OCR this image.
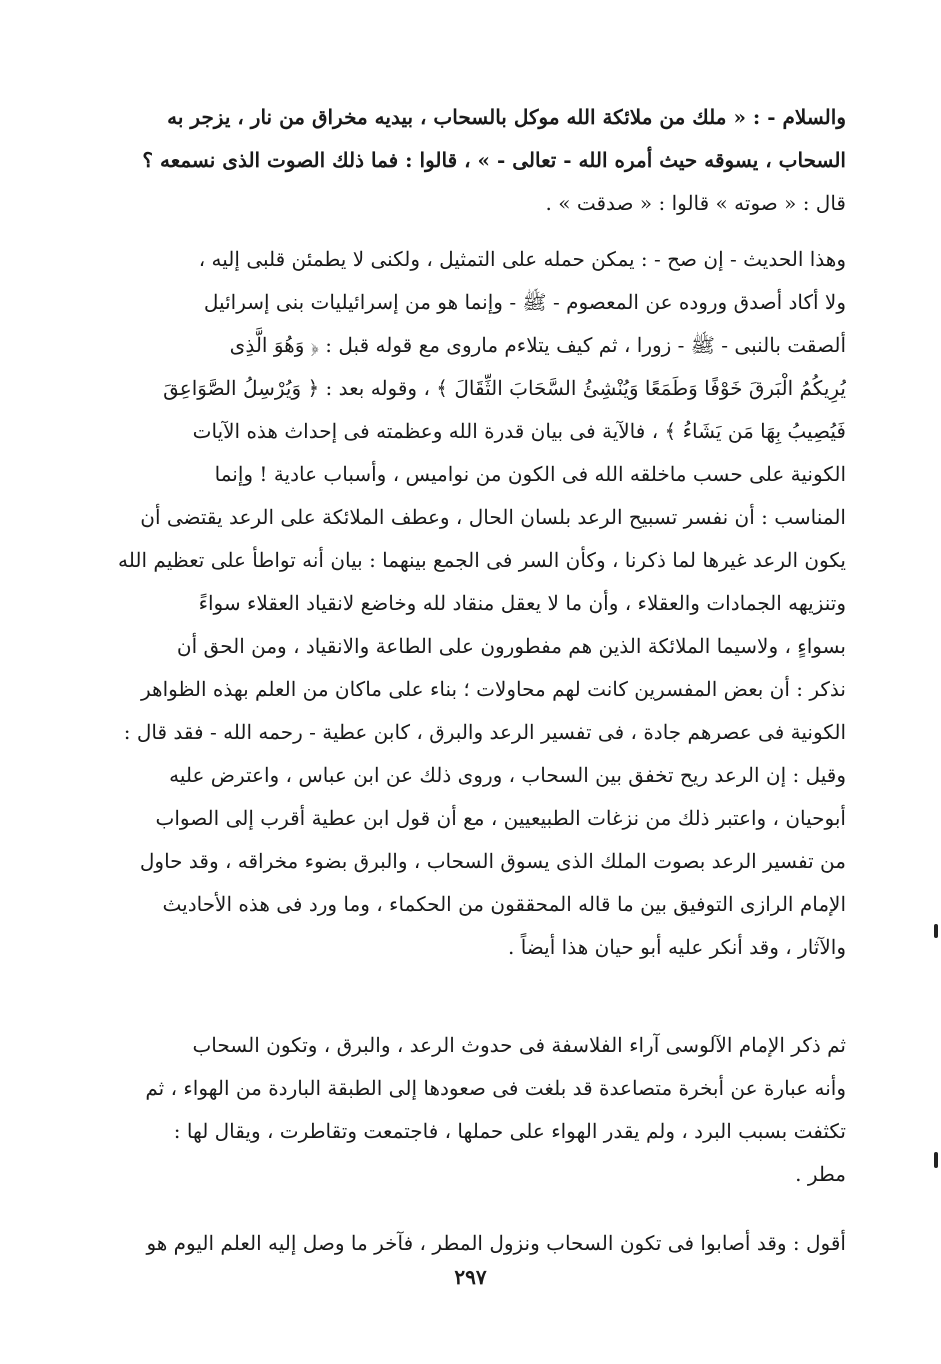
والسلام - : « ملك من ملائكة الله موكل بالسحاب ، بيديه مخراق من نار ، يزجر به
السحاب ، يسوقه حيث أمره الله - تعالى - » ، قالوا : فما ذلك الصوت الذى نسمعه ؟
قال : « صوته » قالوا : « صدقت » .
وهذا الحديث - إن صح - : يمكن حمله على التمثيل ، ولكنى لا يطمئن قلبى إليه ،
ولا أكاد أصدق وروده عن المعصوم - ﷺ - وإنما هو من إسرائيليات بنى إسرائيل
ألصقت بالنبى - ﷺ - زورا ، ثم كيف يتلاءم ماروى مع قوله قبل : ﴿ وَهُوَ الَّذِى
يُرِيكُمُ الْبَرقَ خَوْفًا وَطَمَعًا وَيُنْشِئُ السَّحَابَ الثِّقَالَ ﴾ ، وقوله بعد : ﴿ وَيُرْسِلُ الصَّوَاعِقَ
فَيُصِيبُ بِهَا مَن يَشَاءُ ﴾ ، فالآية فى بيان قدرة الله وعظمته فى إحداث هذه الآيات
الكونية على حسب ماخلقه الله فى الكون من نواميس ، وأسباب عادية ! وإنما
المناسب : أن نفسر تسبيح الرعد بلسان الحال ، وعطف الملائكة على الرعد يقتضى أن
يكون الرعد غيرها لما ذكرنا ، وكأن السر فى الجمع بينهما : بيان أنه تواطأ على تعظيم الله
وتنزيهه الجمادات والعقلاء ، وأن ما لا يعقل منقاد لله وخاضع لانقياد العقلاء سواءً
بسواءٍ ، ولاسيما الملائكة الذين هم مفطورون على الطاعة والانقياد ، ومن الحق أن
نذكر : أن بعض المفسرين كانت لهم محاولات ؛ بناء على ماكان من العلم بهذه الظواهر
الكونية فى عصرهم جادة ، فى تفسير الرعد والبرق ، كابن عطية - رحمه الله - فقد قال :
وقيل : إن الرعد ريح تخفق بين السحاب ، وروى ذلك عن ابن عباس ، واعترض عليه
أبوحيان ، واعتبر ذلك من نزغات الطبيعيين ، مع أن قول ابن عطية أقرب إلى الصواب
من تفسير الرعد بصوت الملك الذى يسوق السحاب ، والبرق بضوء مخراقه ، وقد حاول
الإمام الرازى التوفيق بين ما قاله المحققون من الحكماء ، وما ورد فى هذه الأحاديث
والآثار ، وقد أنكر عليه أبو حيان هذا أيضاً .
ثم ذكر الإمام الآلوسى آراء الفلاسفة فى حدوث الرعد ، والبرق ، وتكون السحاب
وأنه عبارة عن أبخرة متصاعدة قد بلغت فى صعودها إلى الطبقة الباردة من الهواء ، ثم
تكثفت بسبب البرد ، ولم يقدر الهواء على حملها ، فاجتمعت وتقاطرت ، ويقال لها :
مطر .
أقول : وقد أصابوا فى تكون السحاب ونزول المطر ، فآخر ما وصل إليه العلم اليوم هو
٢٩٧
